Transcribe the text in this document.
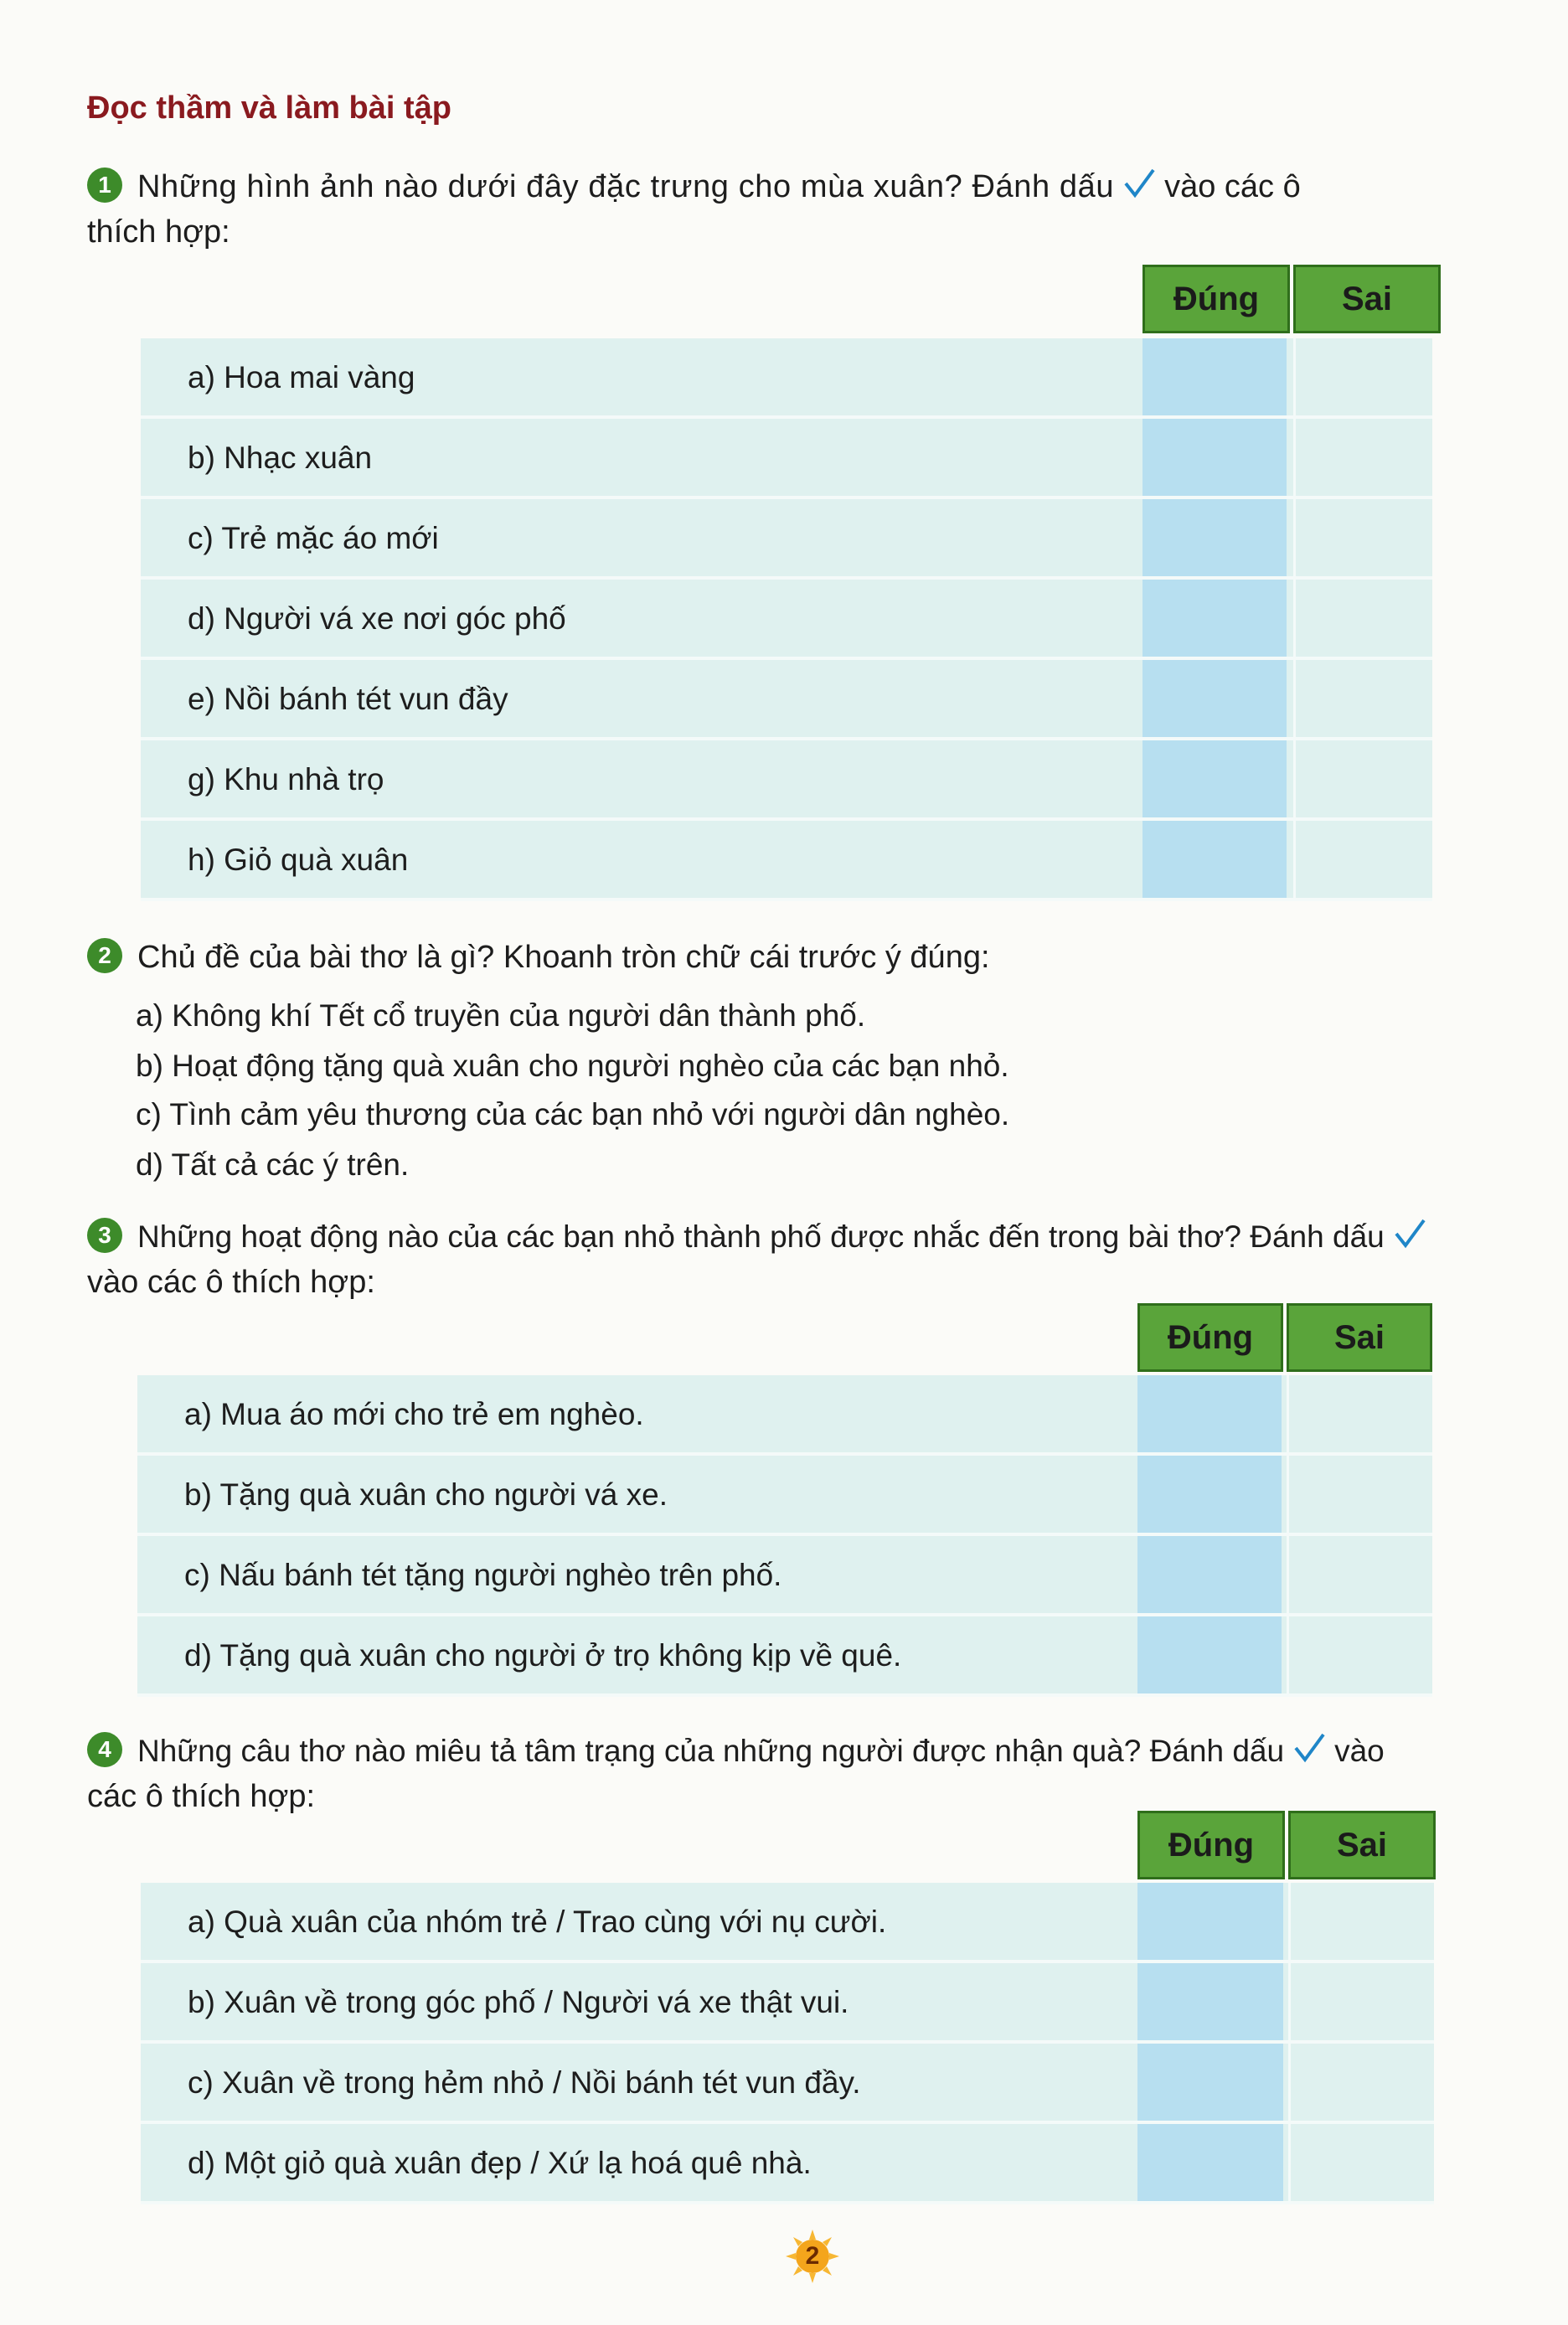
Đọc thầm và làm bài tập
1 Những hình ảnh nào dưới đây đặc trưng cho mùa xuân? Đánh dấu vào các ô
thích hợp:
Đúng	Sai
a) Hoa mai vàng
b) Nhạc xuân
c) Trẻ mặc áo mới
d) Người vá xe nơi góc phố
e) Nồi bánh tét vun đầy
g) Khu nhà trọ
h) Giỏ quà xuân
2 Chủ đề của bài thơ là gì? Khoanh tròn chữ cái trước ý đúng:
a) Không khí Tết cổ truyền của người dân thành phố.
b) Hoạt động tặng quà xuân cho người nghèo của các bạn nhỏ.
c) Tình cảm yêu thương của các bạn nhỏ với người dân nghèo.
d) Tất cả các ý trên.
3 Những hoạt động nào của các bạn nhỏ thành phố được nhắc đến trong bài thơ? Đánh dấu
vào các ô thích hợp:
Đúng	Sai
a) Mua áo mới cho trẻ em nghèo.
b) Tặng quà xuân cho người vá xe.
c) Nấu bánh tét tặng người nghèo trên phố.
d) Tặng quà xuân cho người ở trọ không kịp về quê.
4 Những câu thơ nào miêu tả tâm trạng của những người được nhận quà? Đánh dấu vào
các ô thích hợp:
Đúng	Sai
a) Quà xuân của nhóm trẻ / Trao cùng với nụ cười.
b) Xuân về trong góc phố / Người vá xe thật vui.
c) Xuân về trong hẻm nhỏ / Nồi bánh tét vun đầy.
d) Một giỏ quà xuân đẹp / Xứ lạ hoá quê nhà.
2
